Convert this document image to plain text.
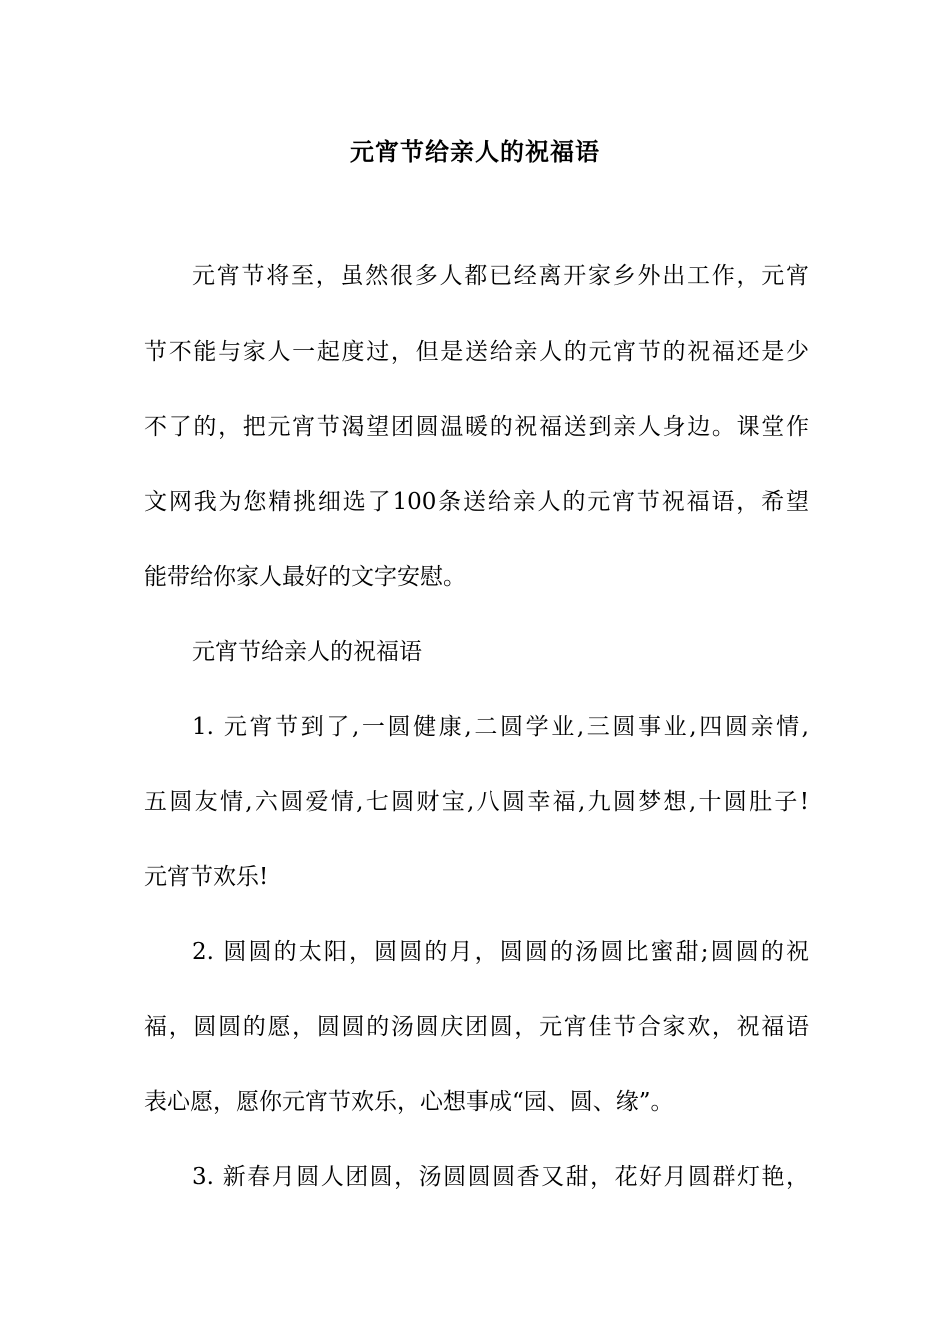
元宵节给亲人的祝福语
元宵节将至，虽然很多人都已经离开家乡外出工作，元宵
节不能与家人一起度过，但是送给亲人的元宵节的祝福还是少
不了的，把元宵节渴望团圆温暖的祝福送到亲人身边。课堂作
文网我为您精挑细选了100条送给亲人的元宵节祝福语，希望
能带给你家人最好的文字安慰。
元宵节给亲人的祝福语
1. 元宵节到了,一圆健康,二圆学业,三圆事业,四圆亲情,
五圆友情,六圆爱情,七圆财宝,八圆幸福,九圆梦想,十圆肚子!
元宵节欢乐!
2. 圆圆的太阳，圆圆的月，圆圆的汤圆比蜜甜;圆圆的祝
福，圆圆的愿，圆圆的汤圆庆团圆，元宵佳节合家欢，祝福语
表心愿，愿你元宵节欢乐，心想事成“园、圆、缘”。
3. 新春月圆人团圆，汤圆圆圆香又甜，花好月圆群灯艳，
